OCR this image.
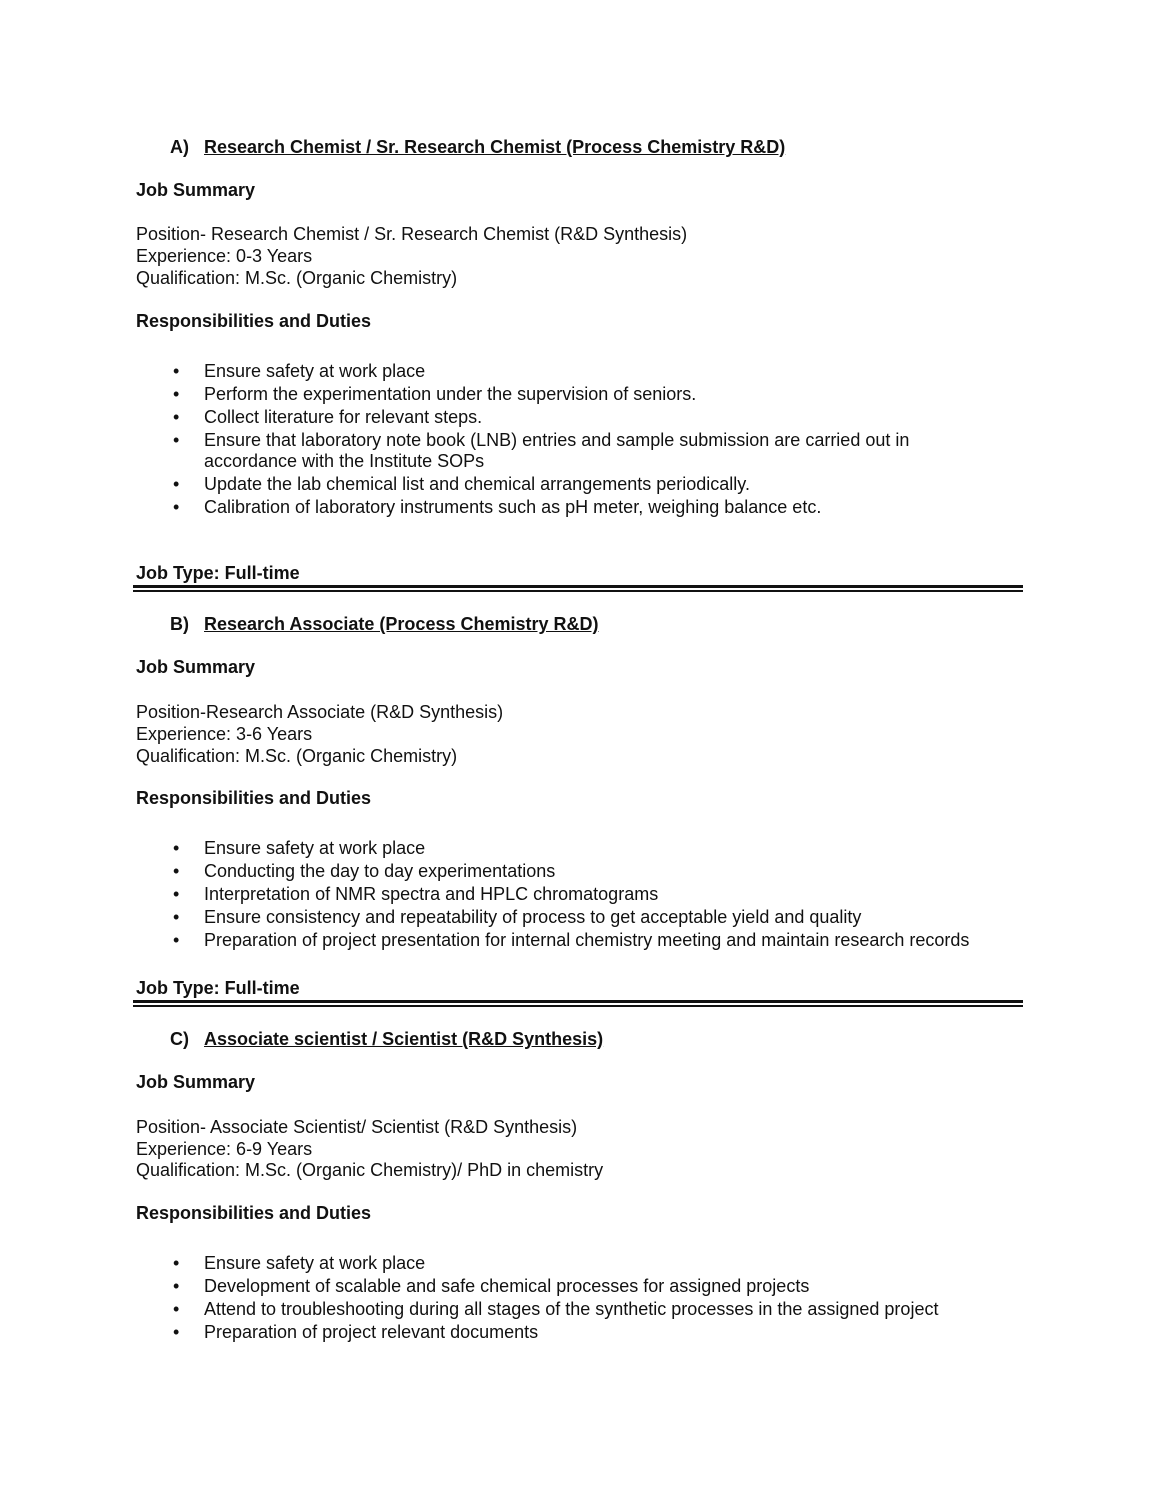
A) Research Chemist / Sr. Research Chemist (Process Chemistry R&D)
Job Summary
Position- Research Chemist / Sr. Research Chemist (R&D Synthesis)
Experience: 0-3 Years
Qualification: M.Sc. (Organic Chemistry)
Responsibilities and Duties
• Ensure safety at work place
• Perform the experimentation under the supervision of seniors.
• Collect literature for relevant steps.
• Ensure that laboratory note book (LNB) entries and sample submission are carried out in
accordance with the Institute SOPs
• Update the lab chemical list and chemical arrangements periodically.
• Calibration of laboratory instruments such as pH meter, weighing balance etc.
Job Type: Full-time
B) Research Associate (Process Chemistry R&D)
Job Summary
Position-Research Associate (R&D Synthesis)
Experience: 3-6 Years
Qualification: M.Sc. (Organic Chemistry)
Responsibilities and Duties
• Ensure safety at work place
• Conducting the day to day experimentations
• Interpretation of NMR spectra and HPLC chromatograms
• Ensure consistency and repeatability of process to get acceptable yield and quality
• Preparation of project presentation for internal chemistry meeting and maintain research records
Job Type: Full-time
C) Associate scientist / Scientist (R&D Synthesis)
Job Summary
Position- Associate Scientist/ Scientist (R&D Synthesis)
Experience: 6-9 Years
Qualification: M.Sc. (Organic Chemistry)/ PhD in chemistry
Responsibilities and Duties
• Ensure safety at work place
• Development of scalable and safe chemical processes for assigned projects
• Attend to troubleshooting during all stages of the synthetic processes in the assigned project
• Preparation of project relevant documents
